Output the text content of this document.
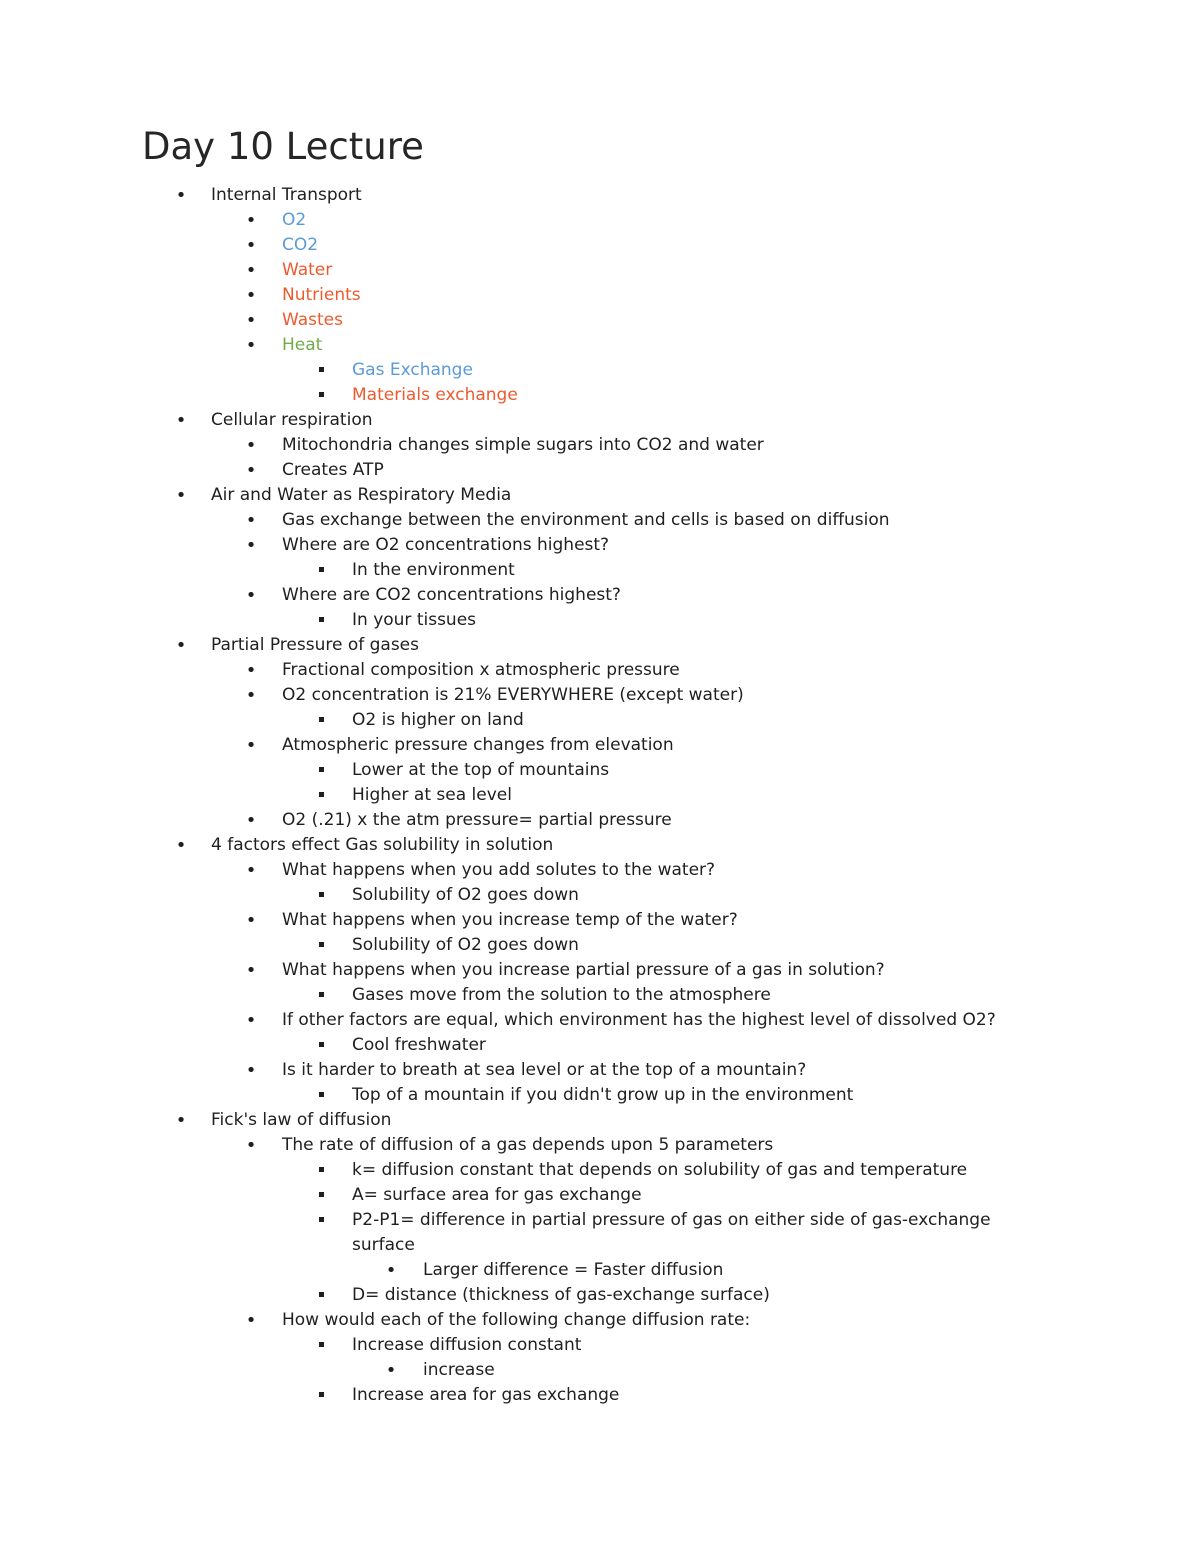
Day 10 Lecture
•
Internal Transport
•
O2
•
CO2
•
Water
•
Nutrients
•
Wastes
•
Heat
Gas Exchange
Materials exchange
•
Cellular respiration
•
Mitochondria changes simple sugars into CO2 and water
•
Creates ATP
•
Air and Water as Respiratory Media
•
Gas exchange between the environment and cells is based on diffusion
•
Where are O2 concentrations highest?
In the environment
•
Where are CO2 concentrations highest?
In your tissues
•
Partial Pressure of gases
•
Fractional composition x atmospheric pressure
•
O2 concentration is 21% EVERYWHERE (except water)
O2 is higher on land
•
Atmospheric pressure changes from elevation
Lower at the top of mountains
Higher at sea level
•
O2 (.21) x the atm pressure= partial pressure
•
4 factors effect Gas solubility in solution
•
What happens when you add solutes to the water?
Solubility of O2 goes down
•
What happens when you increase temp of the water?
Solubility of O2 goes down
•
What happens when you increase partial pressure of a gas in solution?
Gases move from the solution to the atmosphere
•
If other factors are equal, which environment has the highest level of dissolved O2?
Cool freshwater
•
Is it harder to breath at sea level or at the top of a mountain?
Top of a mountain if you didn't grow up in the environment
•
Fick's law of diffusion
•
The rate of diffusion of a gas depends upon 5 parameters
k= diffusion constant that depends on solubility of gas and temperature
A= surface area for gas exchange
P2-P1= difference in partial pressure of gas on either side of gas-exchange
surface
•
Larger difference = Faster diffusion
D= distance (thickness of gas-exchange surface)
•
How would each of the following change diffusion rate:
Increase diffusion constant
•
increase
Increase area for gas exchange
